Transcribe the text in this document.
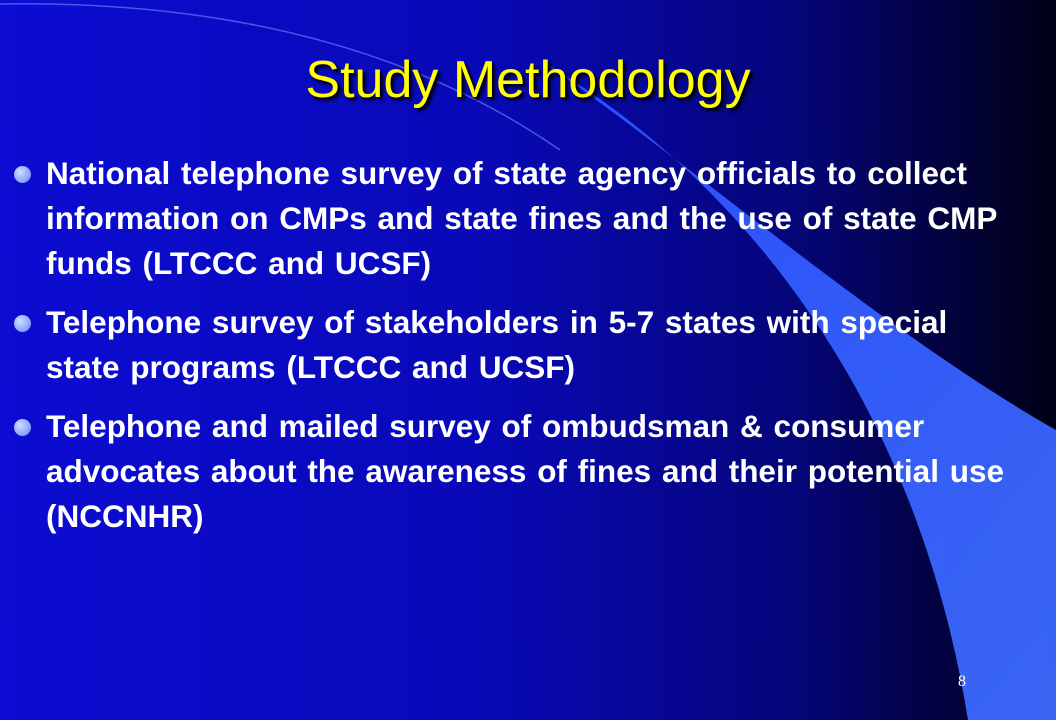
Study Methodology
National telephone survey of state agency officials to collect information on CMPs and state fines and the use of state CMP funds (LTCCC and UCSF)
Telephone survey of stakeholders in 5-7 states with special state programs (LTCCC and UCSF)
Telephone and mailed survey of ombudsman & consumer advocates about the awareness of fines and their potential use (NCCNHR)
8
